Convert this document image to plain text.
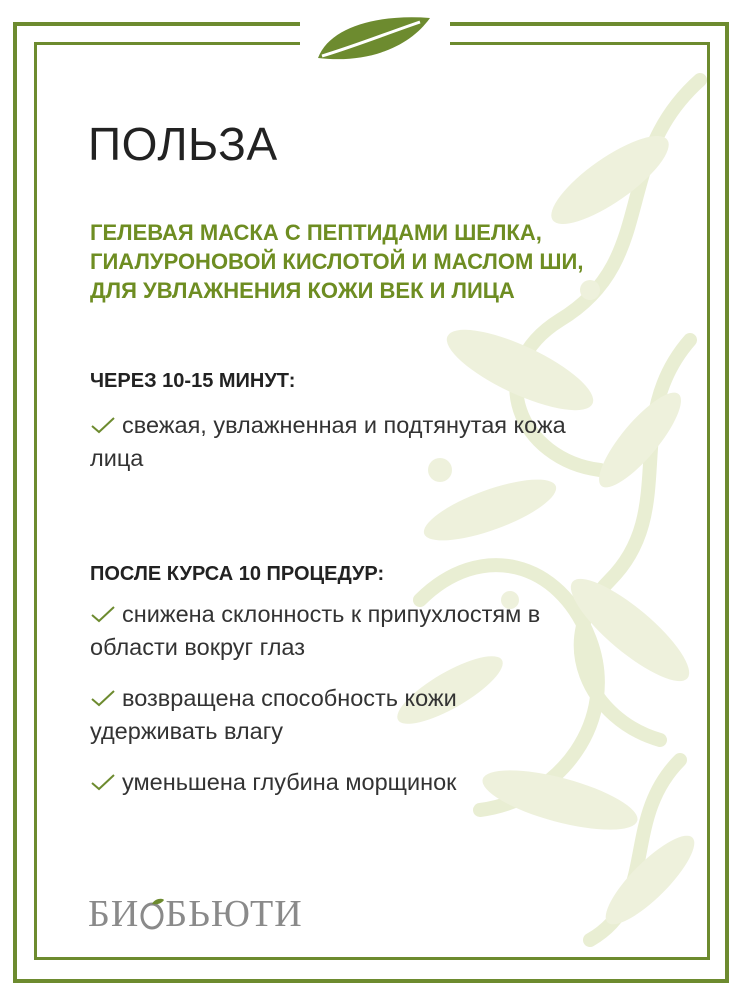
ПОЛЬЗА
ГЕЛЕВАЯ МАСКА С ПЕПТИДАМИ ШЕЛКА,
ГИАЛУРОНОВОЙ КИСЛОТОЙ И МАСЛОМ ШИ,
ДЛЯ УВЛАЖНЕНИЯ КОЖИ ВЕК И ЛИЦА
ЧЕРЕЗ 10-15 МИНУТ:
свежая, увлажненная и подтянутая кожа
лица
ПОСЛЕ КУРСА 10 ПРОЦЕДУР:
снижена склонность к припухлостям в
области вокруг глаз
возвращена способность кожи
удерживать влагу
уменьшена глубина морщинок
БИ БЬЮТИ
